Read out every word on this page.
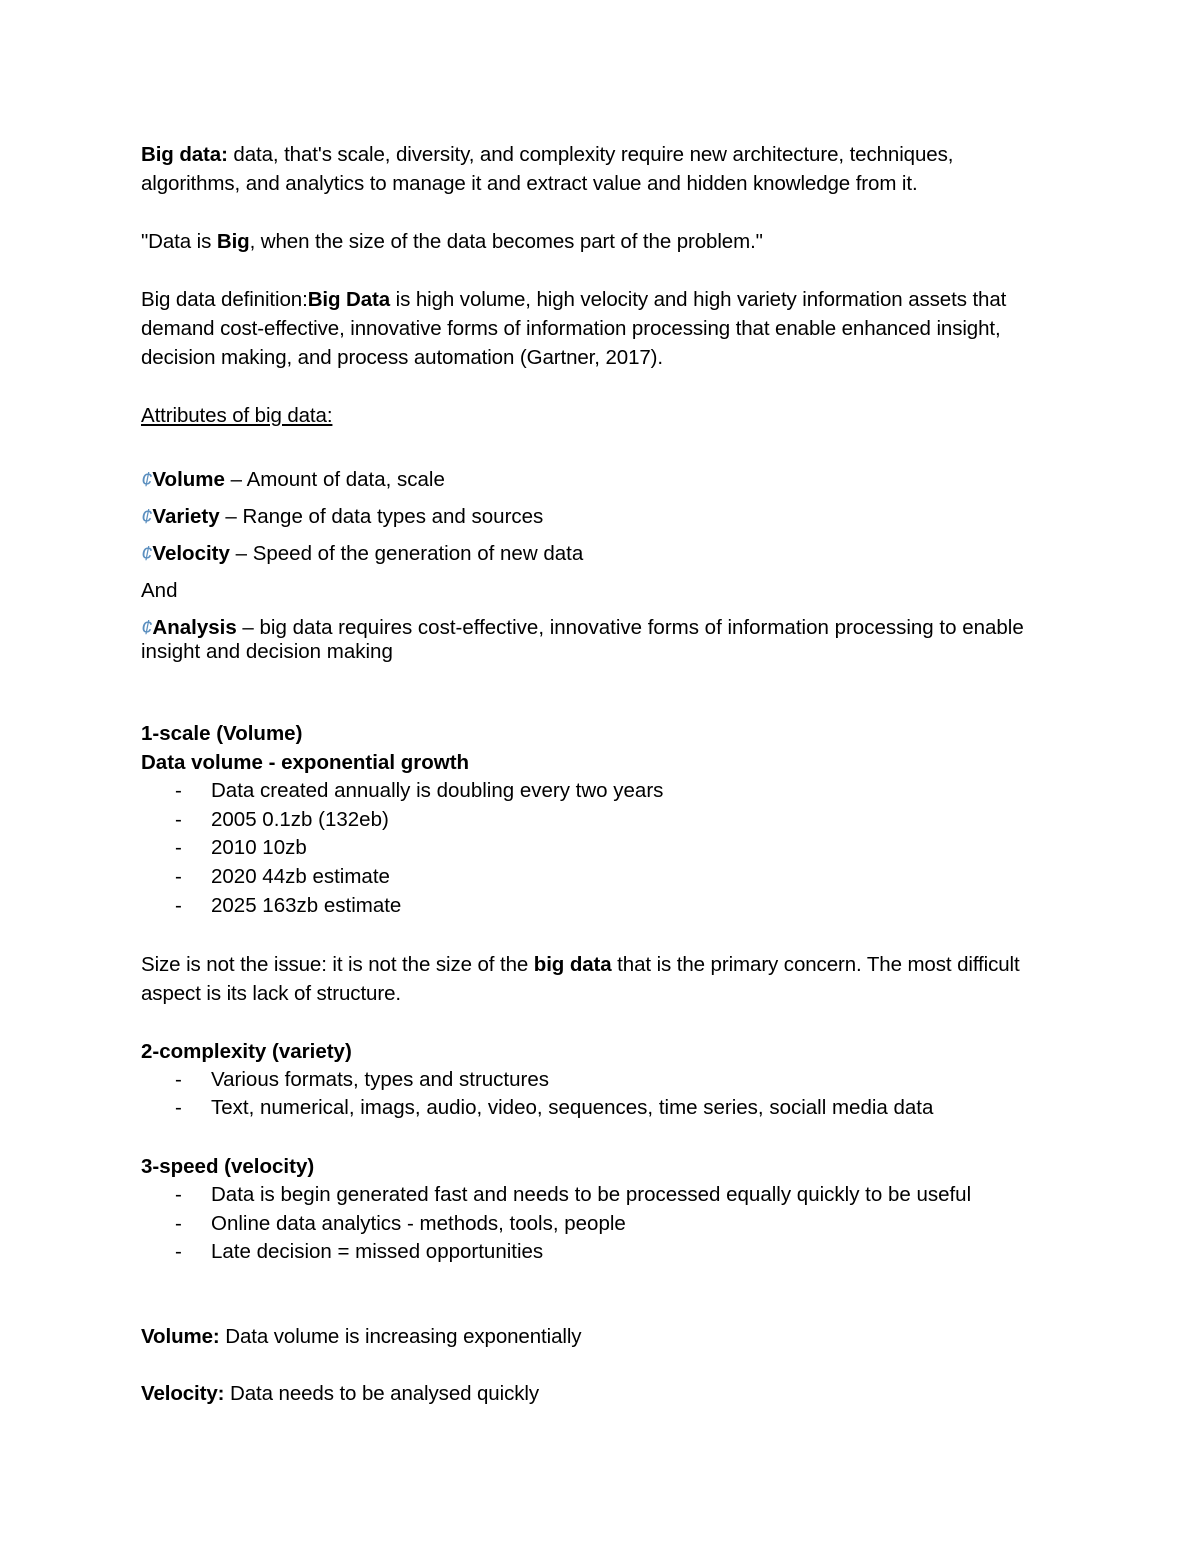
Big data: data, that's scale, diversity, and complexity require new architecture, techniques, algorithms, and analytics to manage it and extract value and hidden knowledge from it.

"Data is Big, when the size of the data becomes part of the problem."

Big data definition:Big Data is high volume, high velocity and high variety information assets that demand cost-effective, innovative forms of information processing that enable enhanced insight, decision making, and process automation (Gartner, 2017).

Attributes of big data:

¢Volume – Amount of data, scale

¢Variety – Range of data types and sources

¢Velocity – Speed of the generation of new data

And

¢Analysis – big data requires cost-effective, innovative forms of information processing to enable insight and decision making

1-scale (Volume)

Data volume - exponential growth

- Data created annually is doubling every two years
- 2005 0.1zb (132eb)
- 2010 10zb
- 2020 44zb estimate
- 2025 163zb estimate

Size is not the issue: it is not the size of the big data that is the primary concern. The most difficult aspect is its lack of structure.

2-complexity (variety)

- Various formats, types and structures
- Text, numerical, imags, audio, video, sequences, time series, sociall media data

3-speed (velocity)

- Data is begin generated fast and needs to be processed equally quickly to be useful
- Online data analytics - methods, tools, people
- Late decision = missed opportunities

Volume: Data volume is increasing exponentially

Velocity: Data needs to be analysed quickly
